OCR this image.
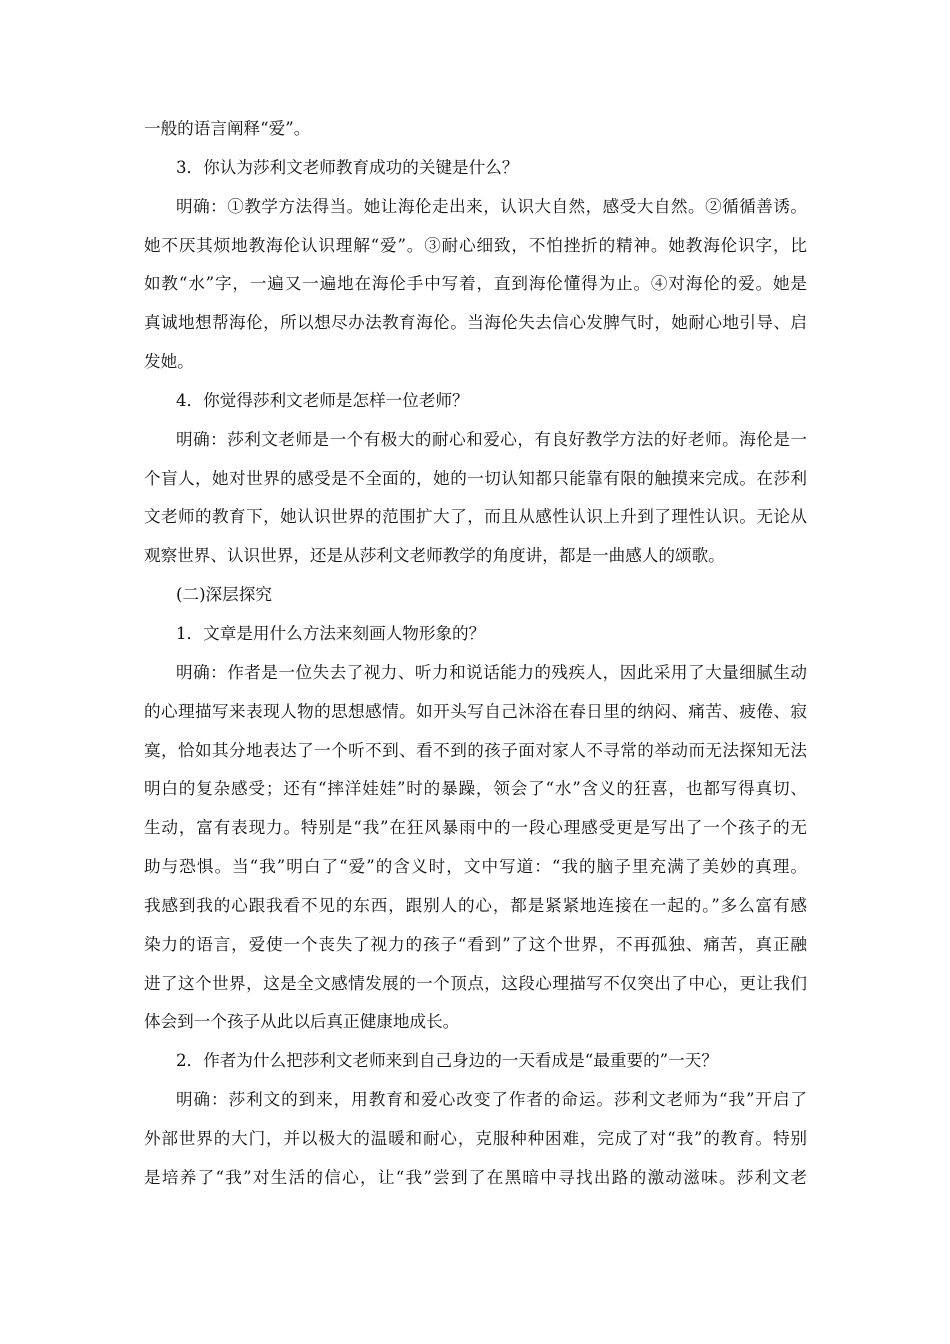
一般的语言阐释“爱”。
3．你认为莎利文老师教育成功的关键是什么？
明确：①教学方法得当。她让海伦走出来，认识大自然，感受大自然。②循循善诱。
她不厌其烦地教海伦认识理解“爱”。③耐心细致，不怕挫折的精神。她教海伦识字，比
如教“水”字，一遍又一遍地在海伦手中写着，直到海伦懂得为止。④对海伦的爱。她是
真诚地想帮海伦，所以想尽办法教育海伦。当海伦失去信心发脾气时，她耐心地引导、启
发她。
4．你觉得莎利文老师是怎样一位老师？
明确：莎利文老师是一个有极大的耐心和爱心，有良好教学方法的好老师。海伦是一
个盲人，她对世界的感受是不全面的，她的一切认知都只能靠有限的触摸来完成。在莎利
文老师的教育下，她认识世界的范围扩大了，而且从感性认识上升到了理性认识。无论从
观察世界、认识世界，还是从莎利文老师教学的角度讲，都是一曲感人的颂歌。
(二)深层探究
1．文章是用什么方法来刻画人物形象的？
明确：作者是一位失去了视力、听力和说话能力的残疾人，因此采用了大量细腻生动
的心理描写来表现人物的思想感情。如开头写自己沐浴在春日里的纳闷、痛苦、疲倦、寂
寞，恰如其分地表达了一个听不到、看不到的孩子面对家人不寻常的举动而无法探知无法
明白的复杂感受；还有“摔洋娃娃”时的暴躁，领会了“水”含义的狂喜，也都写得真切、
生动，富有表现力。特别是“我”在狂风暴雨中的一段心理感受更是写出了一个孩子的无
助与恐惧。当“我”明白了“爱”的含义时，文中写道：“我的脑子里充满了美妙的真理。
我感到我的心跟我看不见的东西，跟别人的心，都是紧紧地连接在一起的。”多么富有感
染力的语言，爱使一个丧失了视力的孩子“看到”了这个世界，不再孤独、痛苦，真正融
进了这个世界，这是全文感情发展的一个顶点，这段心理描写不仅突出了中心，更让我们
体会到一个孩子从此以后真正健康地成长。
2．作者为什么把莎利文老师来到自己身边的一天看成是“最重要的”一天？
明确：莎利文的到来，用教育和爱心改变了作者的命运。莎利文老师为“我”开启了
外部世界的大门，并以极大的温暖和耐心，克服种种困难，完成了对“我”的教育。特别
是培养了“我”对生活的信心，让“我”尝到了在黑暗中寻找出路的激动滋味。莎利文老
